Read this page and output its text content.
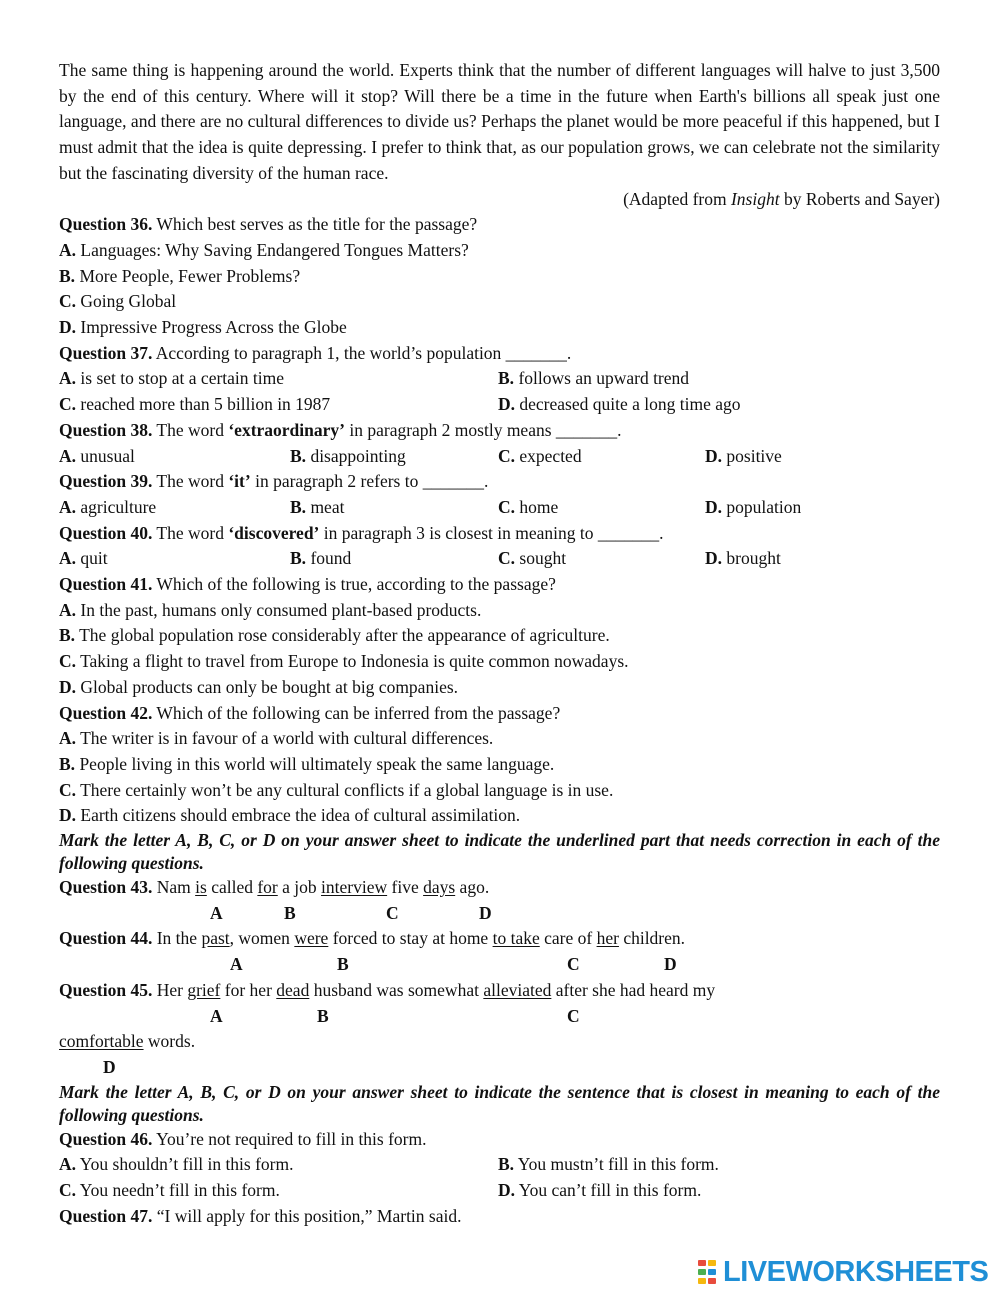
The same thing is happening around the world. Experts think that the number of different languages will halve to just 3,500 by the end of this century. Where will it stop? Will there be a time in the future when Earth's billions all speak just one language, and there are no cultural differences to divide us? Perhaps the planet would be more peaceful if this happened, but I must admit that the idea is quite depressing. I prefer to think that, as our population grows, we can celebrate not the similarity but the fascinating diversity of the human race.
(Adapted from Insight by Roberts and Sayer)
Question 36. Which best serves as the title for the passage?
A. Languages: Why Saving Endangered Tongues Matters?
B. More People, Fewer Problems?
C. Going Global
D. Impressive Progress Across the Globe
Question 37. According to paragraph 1, the world’s population _______.
A. is set to stop at a certain time	B. follows an upward trend
C. reached more than 5 billion in 1987	D. decreased quite a long time ago
Question 38. The word ‘extraordinary’ in paragraph 2 mostly means _______.
A. unusual	B. disappointing	C. expected	D. positive
Question 39. The word ‘it’ in paragraph 2 refers to _______.
A. agriculture	B. meat	C. home	D. population
Question 40. The word ‘discovered’ in paragraph 3 is closest in meaning to _______.
A. quit	B. found	C. sought	D. brought
Question 41. Which of the following is true, according to the passage?
A. In the past, humans only consumed plant-based products.
B. The global population rose considerably after the appearance of agriculture.
C. Taking a flight to travel from Europe to Indonesia is quite common nowadays.
D. Global products can only be bought at big companies.
Question 42. Which of the following can be inferred from the passage?
A. The writer is in favour of a world with cultural differences.
B. People living in this world will ultimately speak the same language.
C. There certainly won’t be any cultural conflicts if a global language is in use.
D. Earth citizens should embrace the idea of cultural assimilation.
Mark the letter A, B, C, or D on your answer sheet to indicate the underlined part that needs correction in each of the following questions.
Question 43. Nam is called for a job interview five days ago.
A	B	C	D
Question 44. In the past, women were forced to stay at home to take care of her children.
A	B	C	D
Question 45. Her grief for her dead husband was somewhat alleviated after she had heard my
A	B	C
comfortable words.
D
Mark the letter A, B, C, or D on your answer sheet to indicate the sentence that is closest in meaning to each of the following questions.
Question 46. You’re not required to fill in this form.
A. You shouldn’t fill in this form.	B. You mustn’t fill in this form.
C. You needn’t fill in this form.	D. You can’t fill in this form.
Question 47. “I will apply for this position,” Martin said.
LIVEWORKSHEETS
